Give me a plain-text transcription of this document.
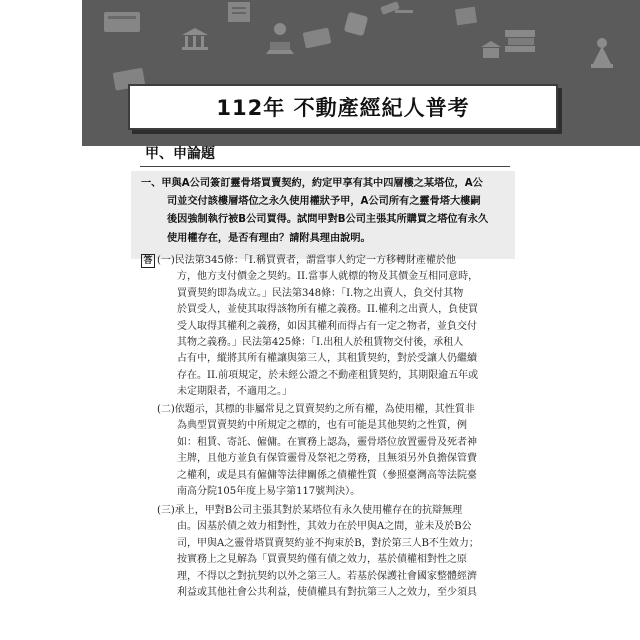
112年 不動產經紀人普考
甲、申論題
一、甲與A公司簽訂靈骨塔買賣契約，約定甲享有其中四層樓之某塔位，A公
司並交付該樓層塔位之永久使用權狀予甲，A公司所有之靈骨塔大樓嗣
後因強制執行被B公司買得。試問甲對B公司主張其所購買之塔位有永久
使用權存在，是否有理由？請附具理由說明。
答 (一)民法第345條：「I.稱買賣者，謂當事人約定一方移轉財產權於他
方，他方支付價金之契約。II.當事人就標的物及其價金互相同意時，
買賣契約即為成立。」民法第348條：「I.物之出賣人，負交付其物
於買受人，並使其取得該物所有權之義務。II.權利之出賣人，負使買
受人取得其權利之義務，如因其權利而得占有一定之物者，並負交付
其物之義務。」民法第425條：「I.出租人於租賃物交付後，承租人
占有中，縱將其所有權讓與第三人，其租賃契約，對於受讓人仍繼續
存在。II.前項規定，於未經公證之不動產租賃契約，其期限逾五年或
未定期限者，不適用之。」
(二)依題示，其標的非屬常見之買賣契約之所有權，為使用權，其性質非
為典型買賣契約中所規定之標的，也有可能是其他契約之性質，例
如：租賃、寄託、僱傭。在實務上認為，靈骨塔位放置靈骨及死者神
主牌，且他方並負有保管靈骨及祭祀之勞務，且無須另外負擔保管費
之權利，或是具有僱傭等法律關係之債權性質（參照臺灣高等法院臺
南高分院105年度上易字第117號判決）。
(三)承上，甲對B公司主張其對於某塔位有永久使用權存在的抗辯無理
由。因基於債之效力相對性，其效力在於甲與A之間，並未及於B公
司，甲與A之靈骨塔買賣契約並不拘束於B，對於第三人B不生效力；
按實務上之見解為「買賣契約僅有債之效力，基於債權相對性之原
理，不得以之對抗契約以外之第三人。若基於保護社會國家整體經濟
利益或其他社會公共利益，使債權具有對抗第三人之效力，至少須具
